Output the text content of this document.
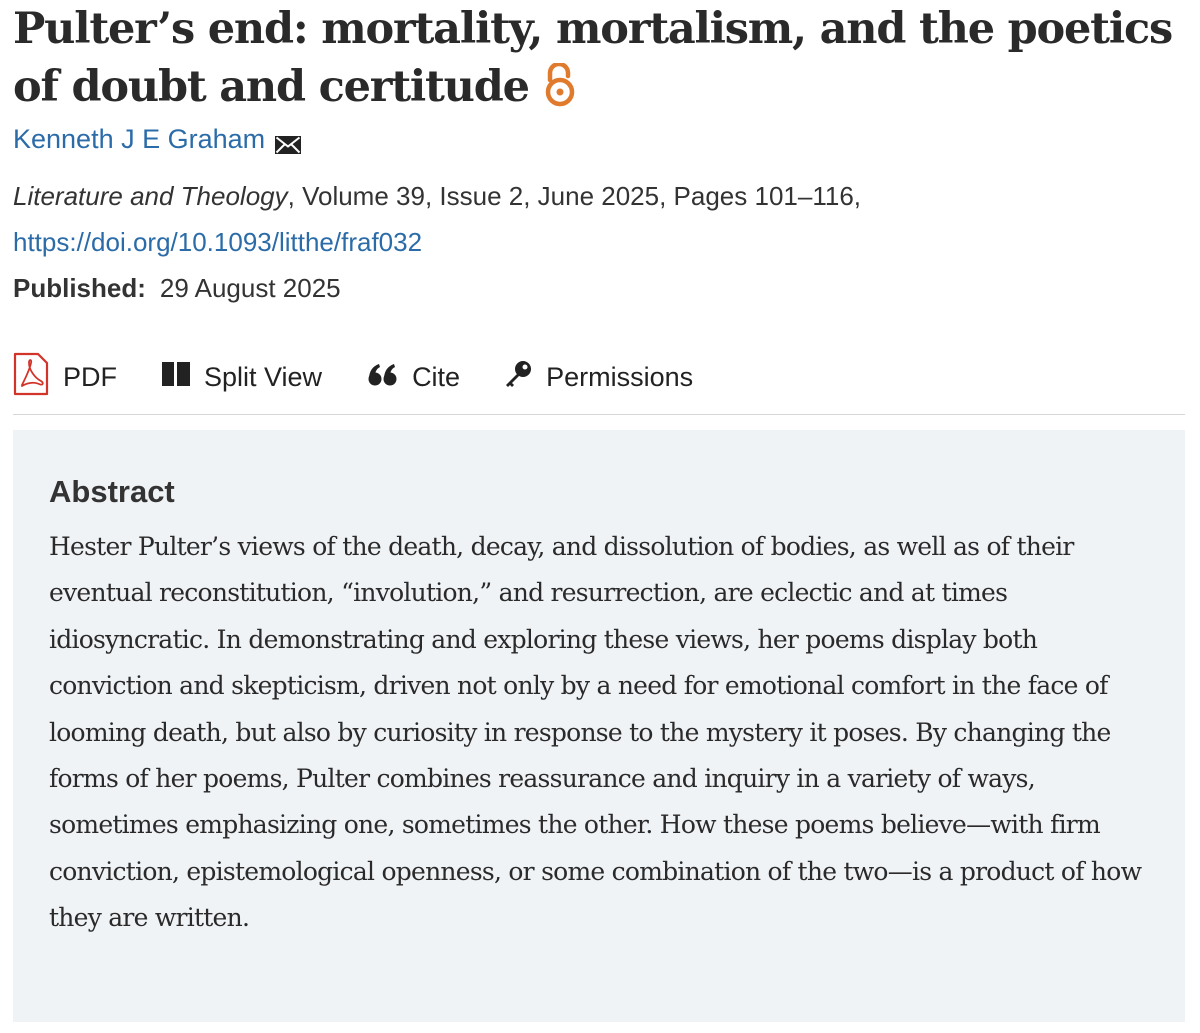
Pulter’s end: mortality, mortalism, and the poetics of doubt and certitude
Kenneth J E Graham
Literature and Theology, Volume 39, Issue 2, June 2025, Pages 101–116,
https://doi.org/10.1093/litthe/fraf032
Published: 29 August 2025
PDF	Split View	Cite	Permissions
Abstract

Hester Pulter’s views of the death, decay, and dissolution of bodies, as well as of their eventual reconstitution, “involution,” and resurrection, are eclectic and at times idiosyncratic. In demonstrating and exploring these views, her poems display both conviction and skepticism, driven not only by a need for emotional comfort in the face of looming death, but also by curiosity in response to the mystery it poses. By changing the forms of her poems, Pulter combines reassurance and inquiry in a variety of ways, sometimes emphasizing one, sometimes the other. How these poems believe—with firm conviction, epistemological openness, or some combination of the two—is a product of how they are written.
